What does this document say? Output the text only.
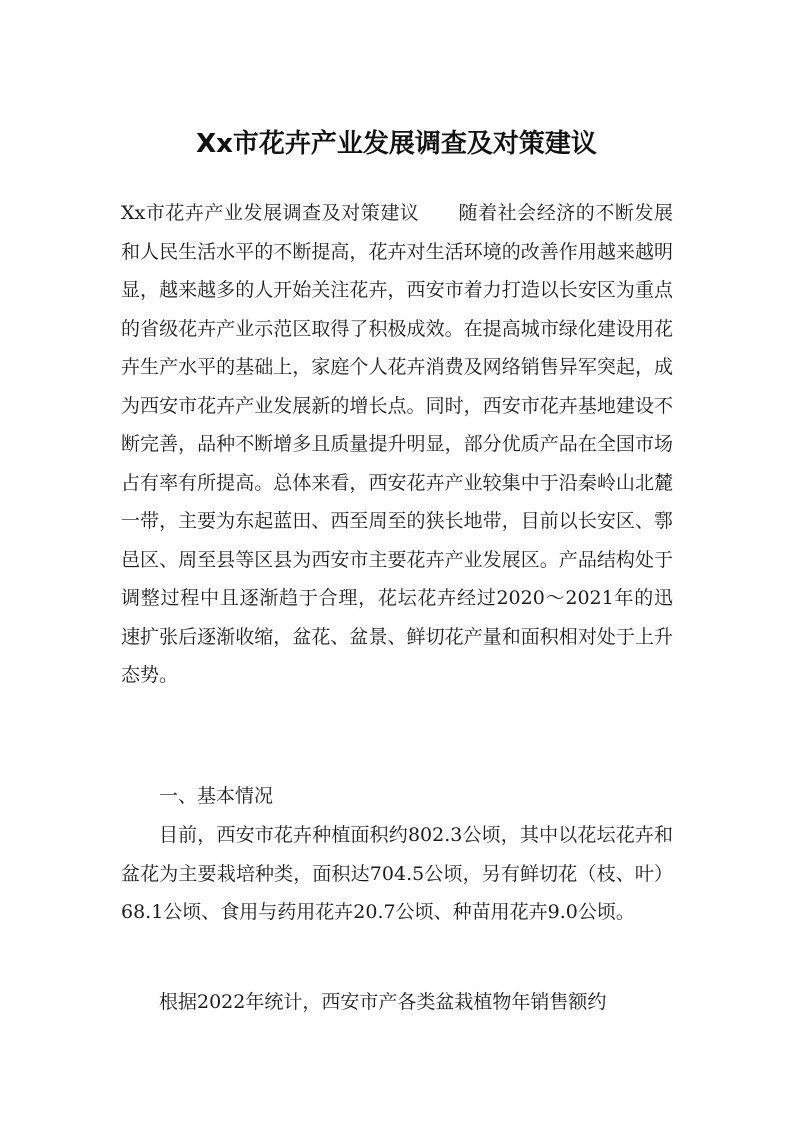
Xx市花卉产业发展调查及对策建议

Xx市花卉产业发展调查及对策建议　　随着社会经济的不断发展和人民生活水平的不断提高，花卉对生活环境的改善作用越来越明显，越来越多的人开始关注花卉，西安市着力打造以长安区为重点的省级花卉产业示范区取得了积极成效。在提高城市绿化建设用花卉生产水平的基础上，家庭个人花卉消费及网络销售异军突起，成为西安市花卉产业发展新的增长点。同时，西安市花卉基地建设不断完善，品种不断增多且质量提升明显，部分优质产品在全国市场占有率有所提高。总体来看，西安花卉产业较集中于沿秦岭山北麓一带，主要为东起蓝田、西至周至的狭长地带，目前以长安区、鄠邑区、周至县等区县为西安市主要花卉产业发展区。产品结构处于调整过程中且逐渐趋于合理，花坛花卉经过2020～2021年的迅速扩张后逐渐收缩，盆花、盆景、鲜切花产量和面积相对处于上升态势。

一、基本情况

目前，西安市花卉种植面积约802.3公顷，其中以花坛花卉和盆花为主要栽培种类，面积达704.5公顷，另有鲜切花（枝、叶）68.1公顷、食用与药用花卉20.7公顷、种苗用花卉9.0公顷。

根据2022年统计，西安市产各类盆栽植物年销售额约
